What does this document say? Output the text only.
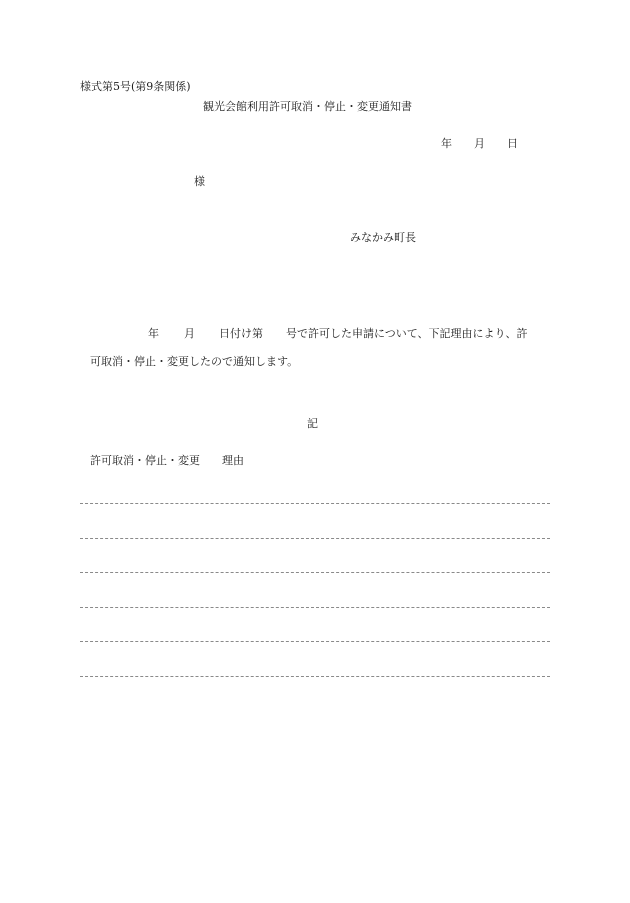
様式第5号(第9条関係)
観光会館利用許可取消・停止・変更通知書
年 月 日
様
みなかみ町長
年 月 日付け第 号で許可した申請について、下記理由により、許
可取消・停止・変更したので通知します。
記
許可取消・停止・変更 理由
